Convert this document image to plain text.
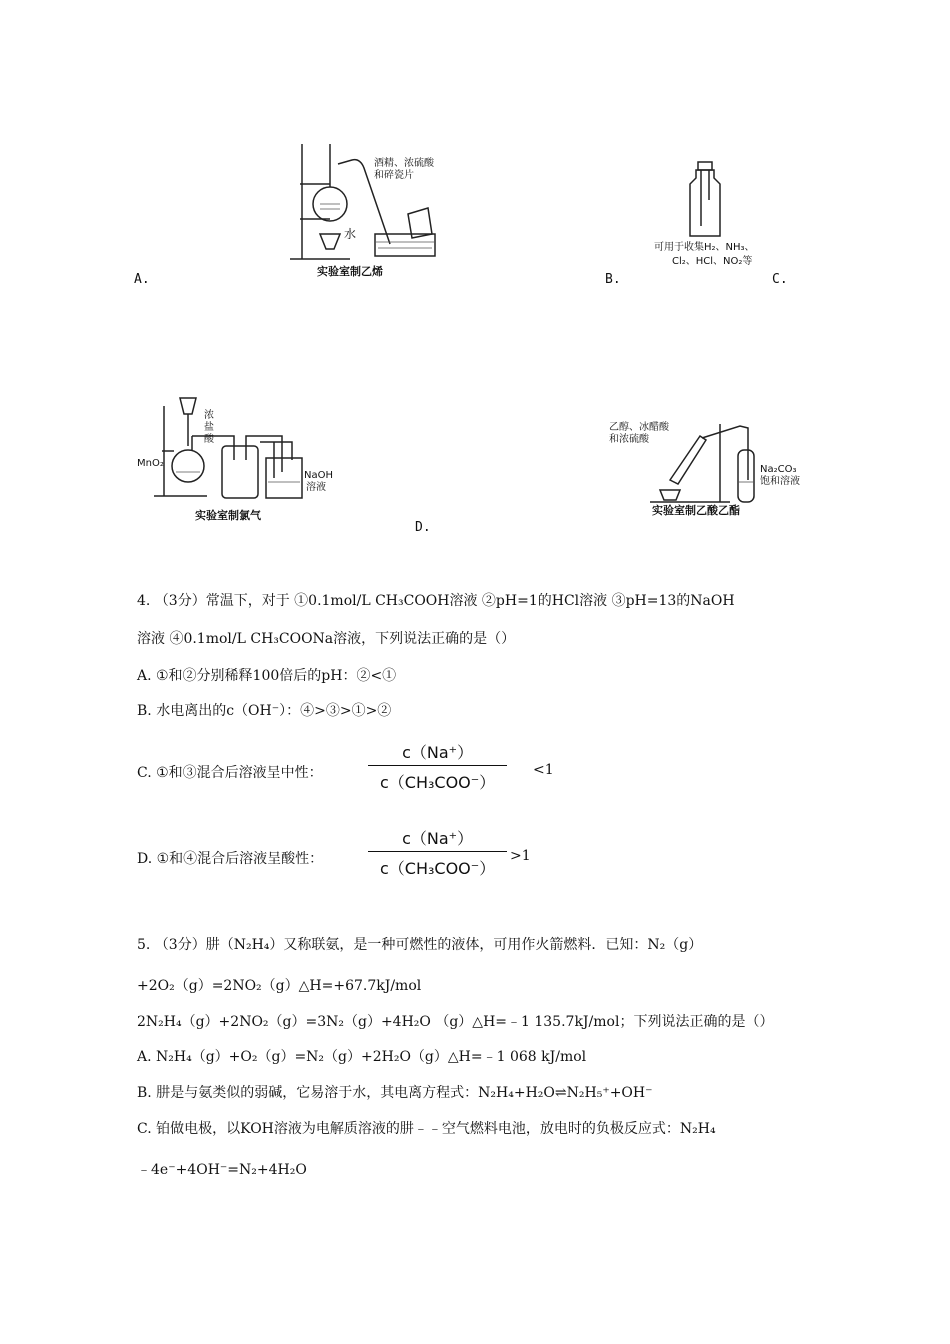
A.
酒精、浓硫酸
和碎瓷片
水
实验室制乙烯
B.
可用于收集H₂、NH₃、
Cl₂、HCl、NO₂等
C.
MnO₂
浓
盐
酸
NaOH
溶液
实验室制氯气
D.
乙醇、冰醋酸
和浓硫酸
Na₂CO₃
饱和溶液
实验室制乙酸乙酯
4. （3分）常温下，对于 ①0.1mol/L CH₃COOH溶液 ②pH=1的HCl溶液 ③pH=13的NaOH
溶液 ④0.1mol/L CH₃COONa溶液，下列说法正确的是（）
A. ①和②分别稀释100倍后的pH：②<①
B. 水电离出的c（OH⁻）：④>③>①>②
C. ①和③混合后溶液呈中性：
c（Na⁺）
c（CH₃COO⁻）
<1
D. ①和④混合后溶液呈酸性：
c（Na⁺）
c（CH₃COO⁻）
>1
5. （3分）肼（N₂H₄）又称联氨，是一种可燃性的液体，可用作火箭燃料．已知：N₂（g）
+2O₂（g）=2NO₂（g）△H=+67.7kJ/mol
2N₂H₄（g）+2NO₂（g）=3N₂（g）+4H₂O （g）△H=﹣1 135.7kJ/mol；下列说法正确的是（）
A. N₂H₄（g）+O₂（g）=N₂（g）+2H₂O（g）△H=﹣1 068 kJ/mol
B. 肼是与氨类似的弱碱，它易溶于水，其电离方程式：N₂H₄+H₂O⇌N₂H₅⁺+OH⁻
C. 铂做电极，以KOH溶液为电解质溶液的肼﹣﹣空气燃料电池，放电时的负极反应式：N₂H₄
﹣4e⁻+4OH⁻=N₂+4H₂O
